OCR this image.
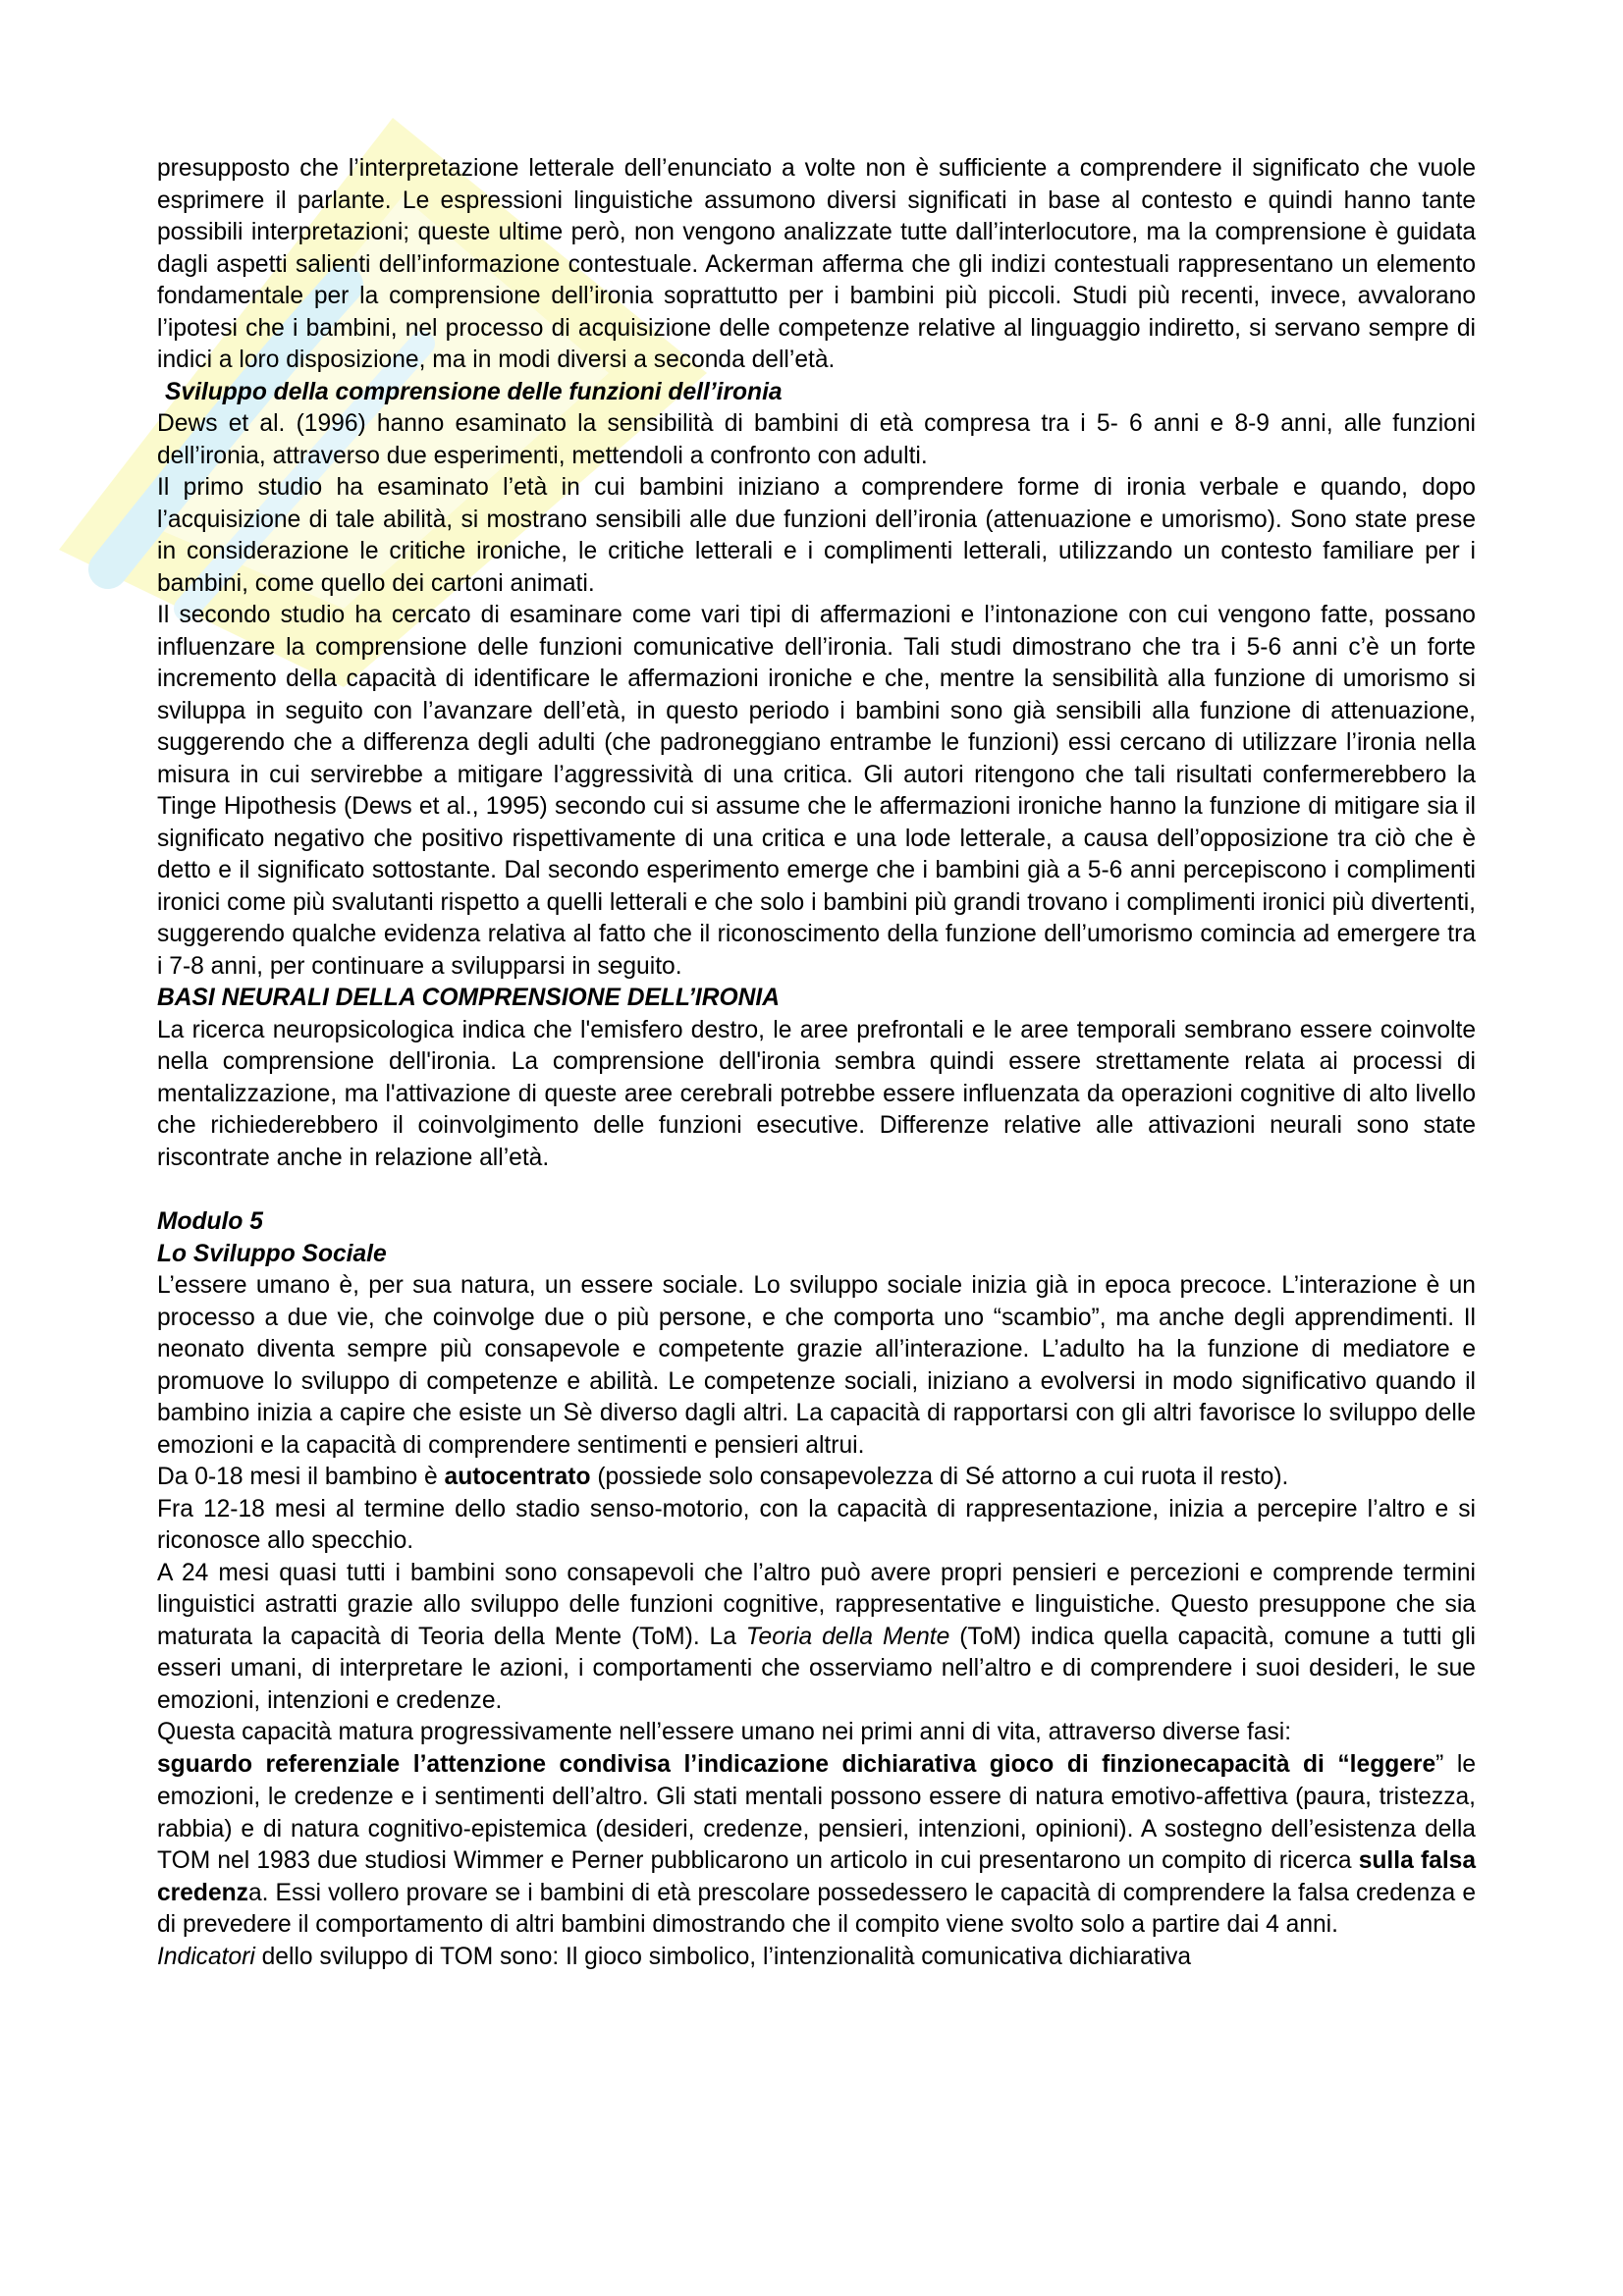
presupposto che l’interpretazione letterale dell’enunciato a volte non è sufficiente a comprendere il significato che vuole esprimere il parlante. Le espressioni linguistiche assumono diversi significati in base al contesto e quindi hanno tante possibili interpretazioni; queste ultime però, non vengono analizzate tutte dall’interlocutore, ma la comprensione è guidata dagli aspetti salienti dell’informazione contestuale. Ackerman afferma che gli indizi contestuali rappresentano un elemento fondamentale per la comprensione dell’ironia soprattutto per i bambini più piccoli. Studi più recenti, invece, avvalorano l’ipotesi che i bambini, nel processo di acquisizione delle competenze relative al linguaggio indiretto, si servano sempre di indici a loro disposizione, ma in modi diversi a seconda dell’età.

Sviluppo della comprensione delle funzioni dell’ironia

Dews et al. (1996) hanno esaminato la sensibilità di bambini di età compresa tra i 5- 6 anni e 8-9 anni, alle funzioni dell’ironia, attraverso due esperimenti, mettendoli a confronto con adulti.

Il primo studio ha esaminato l’età in cui bambini iniziano a comprendere forme di ironia verbale e quando, dopo l’acquisizione di tale abilità, si mostrano sensibili alle due funzioni dell’ironia (attenuazione e umorismo). Sono state prese in considerazione le critiche ironiche, le critiche letterali e i complimenti letterali, utilizzando un contesto familiare per i bambini, come quello dei cartoni animati.

Il secondo studio ha cercato di esaminare come vari tipi di affermazioni e l’intonazione con cui vengono fatte, possano influenzare la comprensione delle funzioni comunicative dell’ironia. Tali studi dimostrano che tra i 5-6 anni c’è un forte incremento della capacità di identificare le affermazioni ironiche e che, mentre la sensibilità alla funzione di umorismo si sviluppa in seguito con l’avanzare dell’età, in questo periodo i bambini sono già sensibili alla funzione di attenuazione, suggerendo che a differenza degli adulti (che padroneggiano entrambe le funzioni) essi cercano di utilizzare l’ironia nella misura in cui servirebbe a mitigare l’aggressività di una critica. Gli autori ritengono che tali risultati confermerebbero la Tinge Hipothesis (Dews et al., 1995) secondo cui si assume che le affermazioni ironiche hanno la funzione di mitigare sia il significato negativo che positivo rispettivamente di una critica e una lode letterale, a causa dell’opposizione tra ciò che è detto e il significato sottostante. Dal secondo esperimento emerge che i bambini già a 5-6 anni percepiscono i complimenti ironici come più svalutanti rispetto a quelli letterali e che solo i bambini più grandi trovano i complimenti ironici più divertenti, suggerendo qualche evidenza relativa al fatto che il riconoscimento della funzione dell’umorismo comincia ad emergere tra i 7-8 anni, per continuare a svilupparsi in seguito.

BASI NEURALI DELLA COMPRENSIONE DELL’IRONIA

La ricerca neuropsicologica indica che l'emisfero destro, le aree prefrontali e le aree temporali sembrano essere coinvolte nella comprensione dell'ironia. La comprensione dell'ironia sembra quindi essere strettamente relata ai processi di mentalizzazione, ma l'attivazione di queste aree cerebrali potrebbe essere influenzata da operazioni cognitive di alto livello che richiederebbero il coinvolgimento delle funzioni esecutive. Differenze relative alle attivazioni neurali sono state riscontrate anche in relazione all’età.

Modulo 5

Lo Sviluppo Sociale

L’essere umano è, per sua natura, un essere sociale. Lo sviluppo sociale inizia già in epoca precoce. L’interazione è un processo a due vie, che coinvolge due o più persone, e che comporta uno “scambio”, ma anche degli apprendimenti. Il neonato diventa sempre più consapevole e competente grazie all’interazione. L’adulto ha la funzione di mediatore e promuove lo sviluppo di competenze e abilità. Le competenze sociali, iniziano a evolversi in modo significativo quando il bambino inizia a capire che esiste un Sè diverso dagli altri. La capacità di rapportarsi con gli altri favorisce lo sviluppo delle emozioni e la capacità di comprendere sentimenti e pensieri altrui.

Da 0-18 mesi il bambino è autocentrato (possiede solo consapevolezza di Sé attorno a cui ruota il resto).

Fra 12-18 mesi al termine dello stadio senso-motorio, con la capacità di rappresentazione, inizia a percepire l’altro e si riconosce allo specchio.

A 24 mesi quasi tutti i bambini sono consapevoli che l’altro può avere propri pensieri e percezioni e comprende termini linguistici astratti grazie allo sviluppo delle funzioni cognitive, rappresentative e linguistiche. Questo presuppone che sia maturata la capacità di Teoria della Mente (ToM). La Teoria della Mente (ToM) indica quella capacità, comune a tutti gli esseri umani, di interpretare le azioni, i comportamenti che osserviamo nell’altro e di comprendere i suoi desideri, le sue emozioni, intenzioni e credenze.

Questa capacità matura progressivamente nell’essere umano nei primi anni di vita, attraverso diverse fasi:

sguardo referenziale l’attenzione condivisa l’indicazione dichiarativa gioco di finzionecapacità di “leggere” le emozioni, le credenze e i sentimenti dell’altro. Gli stati mentali possono essere di natura emotivo-affettiva (paura, tristezza, rabbia) e di natura cognitivo-epistemica (desideri, credenze, pensieri, intenzioni, opinioni). A sostegno dell’esistenza della TOM nel 1983 due studiosi Wimmer e Perner pubblicarono un articolo in cui presentarono un compito di ricerca sulla falsa credenza. Essi vollero provare se i bambini di età prescolare possedessero le capacità di comprendere la falsa credenza e di prevedere il comportamento di altri bambini dimostrando che il compito viene svolto solo a partire dai 4 anni.

Indicatori dello sviluppo di TOM sono: Il gioco simbolico, l’intenzionalità comunicativa dichiarativa
